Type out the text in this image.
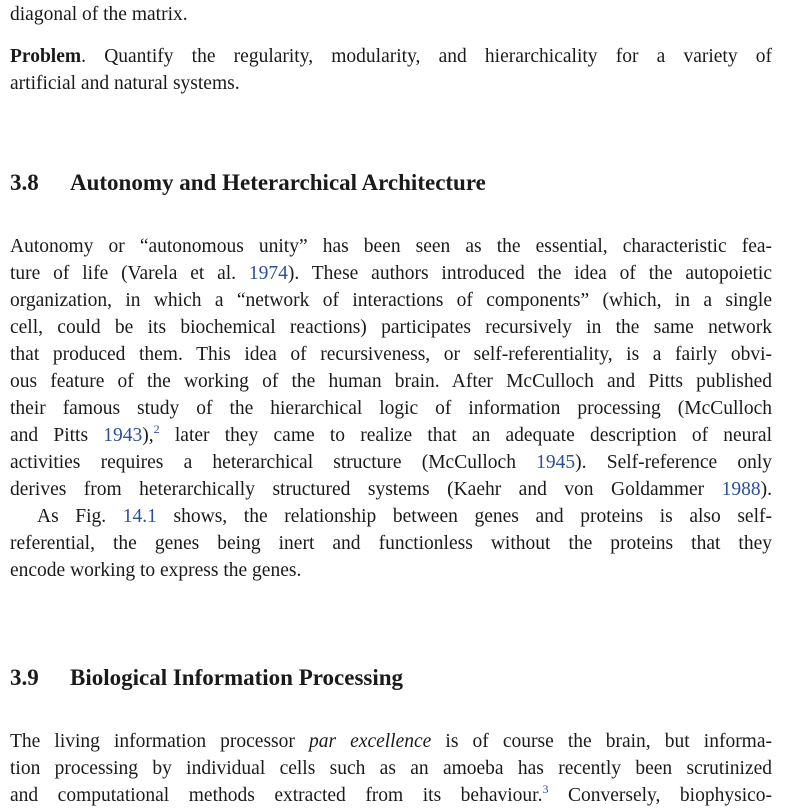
diagonal of the matrix.
Problem. Quantify the regularity, modularity, and hierarchicality for a variety of
artificial and natural systems.
3.8 Autonomy and Heterarchical Architecture
Autonomy or “autonomous unity” has been seen as the essential, characteristic fea-
ture of life (Varela et al. 1974). These authors introduced the idea of the autopoietic
organization, in which a “network of interactions of components” (which, in a single
cell, could be its biochemical reactions) participates recursively in the same network
that produced them. This idea of recursiveness, or self-referentiality, is a fairly obvi-
ous feature of the working of the human brain. After McCulloch and Pitts published
their famous study of the hierarchical logic of information processing (McCulloch
and Pitts 1943),$^2$ later they came to realize that an adequate description of neural
activities requires a heterarchical structure (McCulloch 1945). Self-reference only
derives from heterarchically structured systems (Kaehr and von Goldammer 1988).
As Fig. 14.1 shows, the relationship between genes and proteins is also self-
referential, the genes being inert and functionless without the proteins that they
encode working to express the genes.
3.9 Biological Information Processing
The living information processor par excellence is of course the brain, but informa-
tion processing by individual cells such as an amoeba has recently been scrutinized
and computational methods extracted from its behaviour.$^3$ Conversely, biophysico-
